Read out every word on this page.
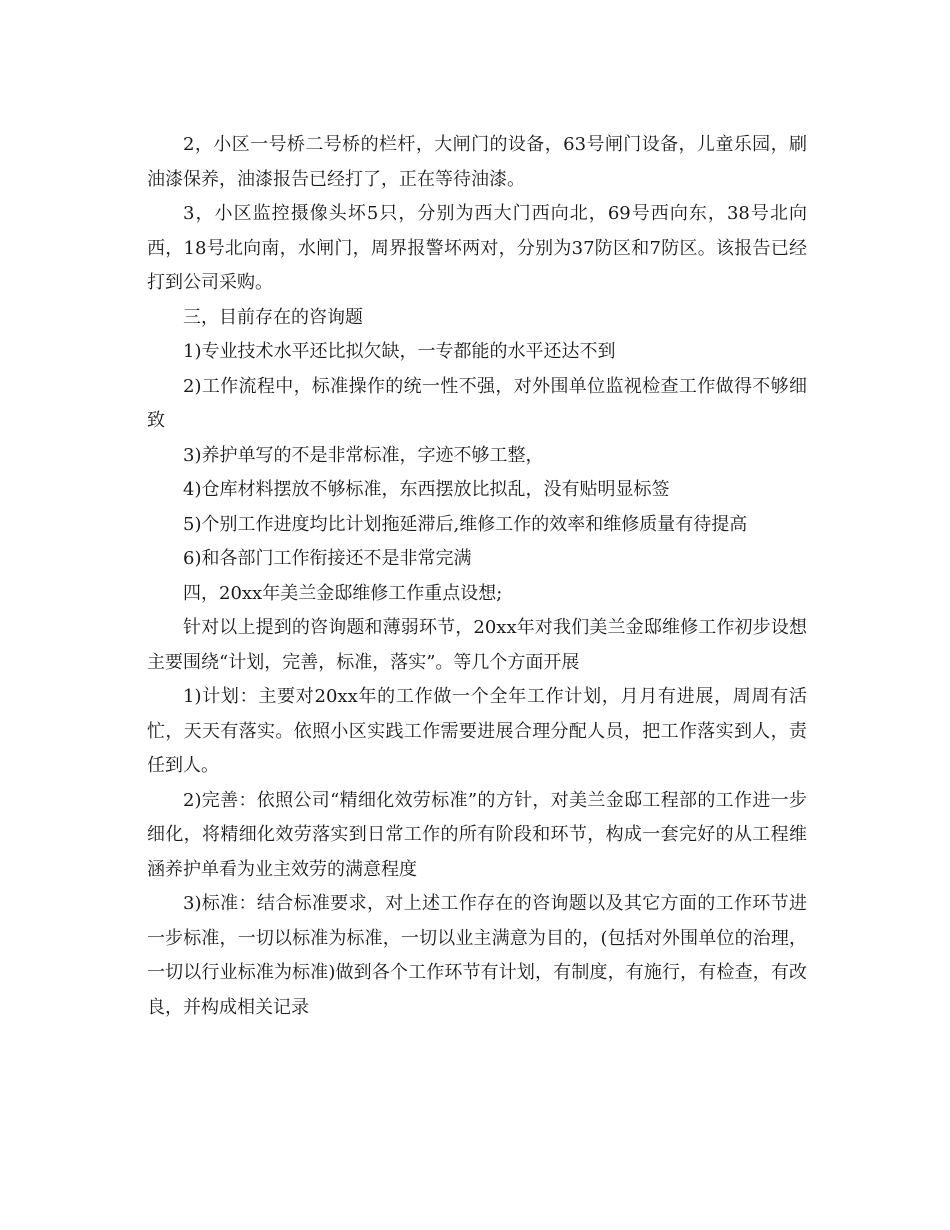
2，小区一号桥二号桥的栏杆，大闸门的设备，63号闸门设备，儿童乐园，刷油漆保养，油漆报告已经打了，正在等待油漆。

3，小区监控摄像头坏5只，分别为西大门西向北，69号西向东，38号北向西，18号北向南，水闸门，周界报警坏两对，分别为37防区和7防区。该报告已经打到公司采购。

三，目前存在的咨询题

1)专业技术水平还比拟欠缺，一专都能的水平还达不到

2)工作流程中，标准操作的统一性不强，对外围单位监视检查工作做得不够细致

3)养护单写的不是非常标准，字迹不够工整，

4)仓库材料摆放不够标准，东西摆放比拟乱，没有贴明显标签

5)个别工作进度均比计划拖延滞后,维修工作的效率和维修质量有待提高

6)和各部门工作衔接还不是非常完满

四，20xx年美兰金邸维修工作重点设想;

针对以上提到的咨询题和薄弱环节，20xx年对我们美兰金邸维修工作初步设想主要围绕“计划，完善，标准，落实”。等几个方面开展

1)计划：主要对20xx年的工作做一个全年工作计划，月月有进展，周周有活忙，天天有落实。依照小区实践工作需要进展合理分配人员，把工作落实到人，责任到人。

2)完善：依照公司“精细化效劳标准”的方针，对美兰金邸工程部的工作进一步细化，将精细化效劳落实到日常工作的所有阶段和环节，构成一套完好的从工程维涵养护单看为业主效劳的满意程度

3)标准：结合标准要求，对上述工作存在的咨询题以及其它方面的工作环节进一步标准，一切以标准为标准，一切以业主满意为目的，(包括对外围单位的治理，一切以行业标准为标准)做到各个工作环节有计划，有制度，有施行，有检查，有改良，并构成相关记录
